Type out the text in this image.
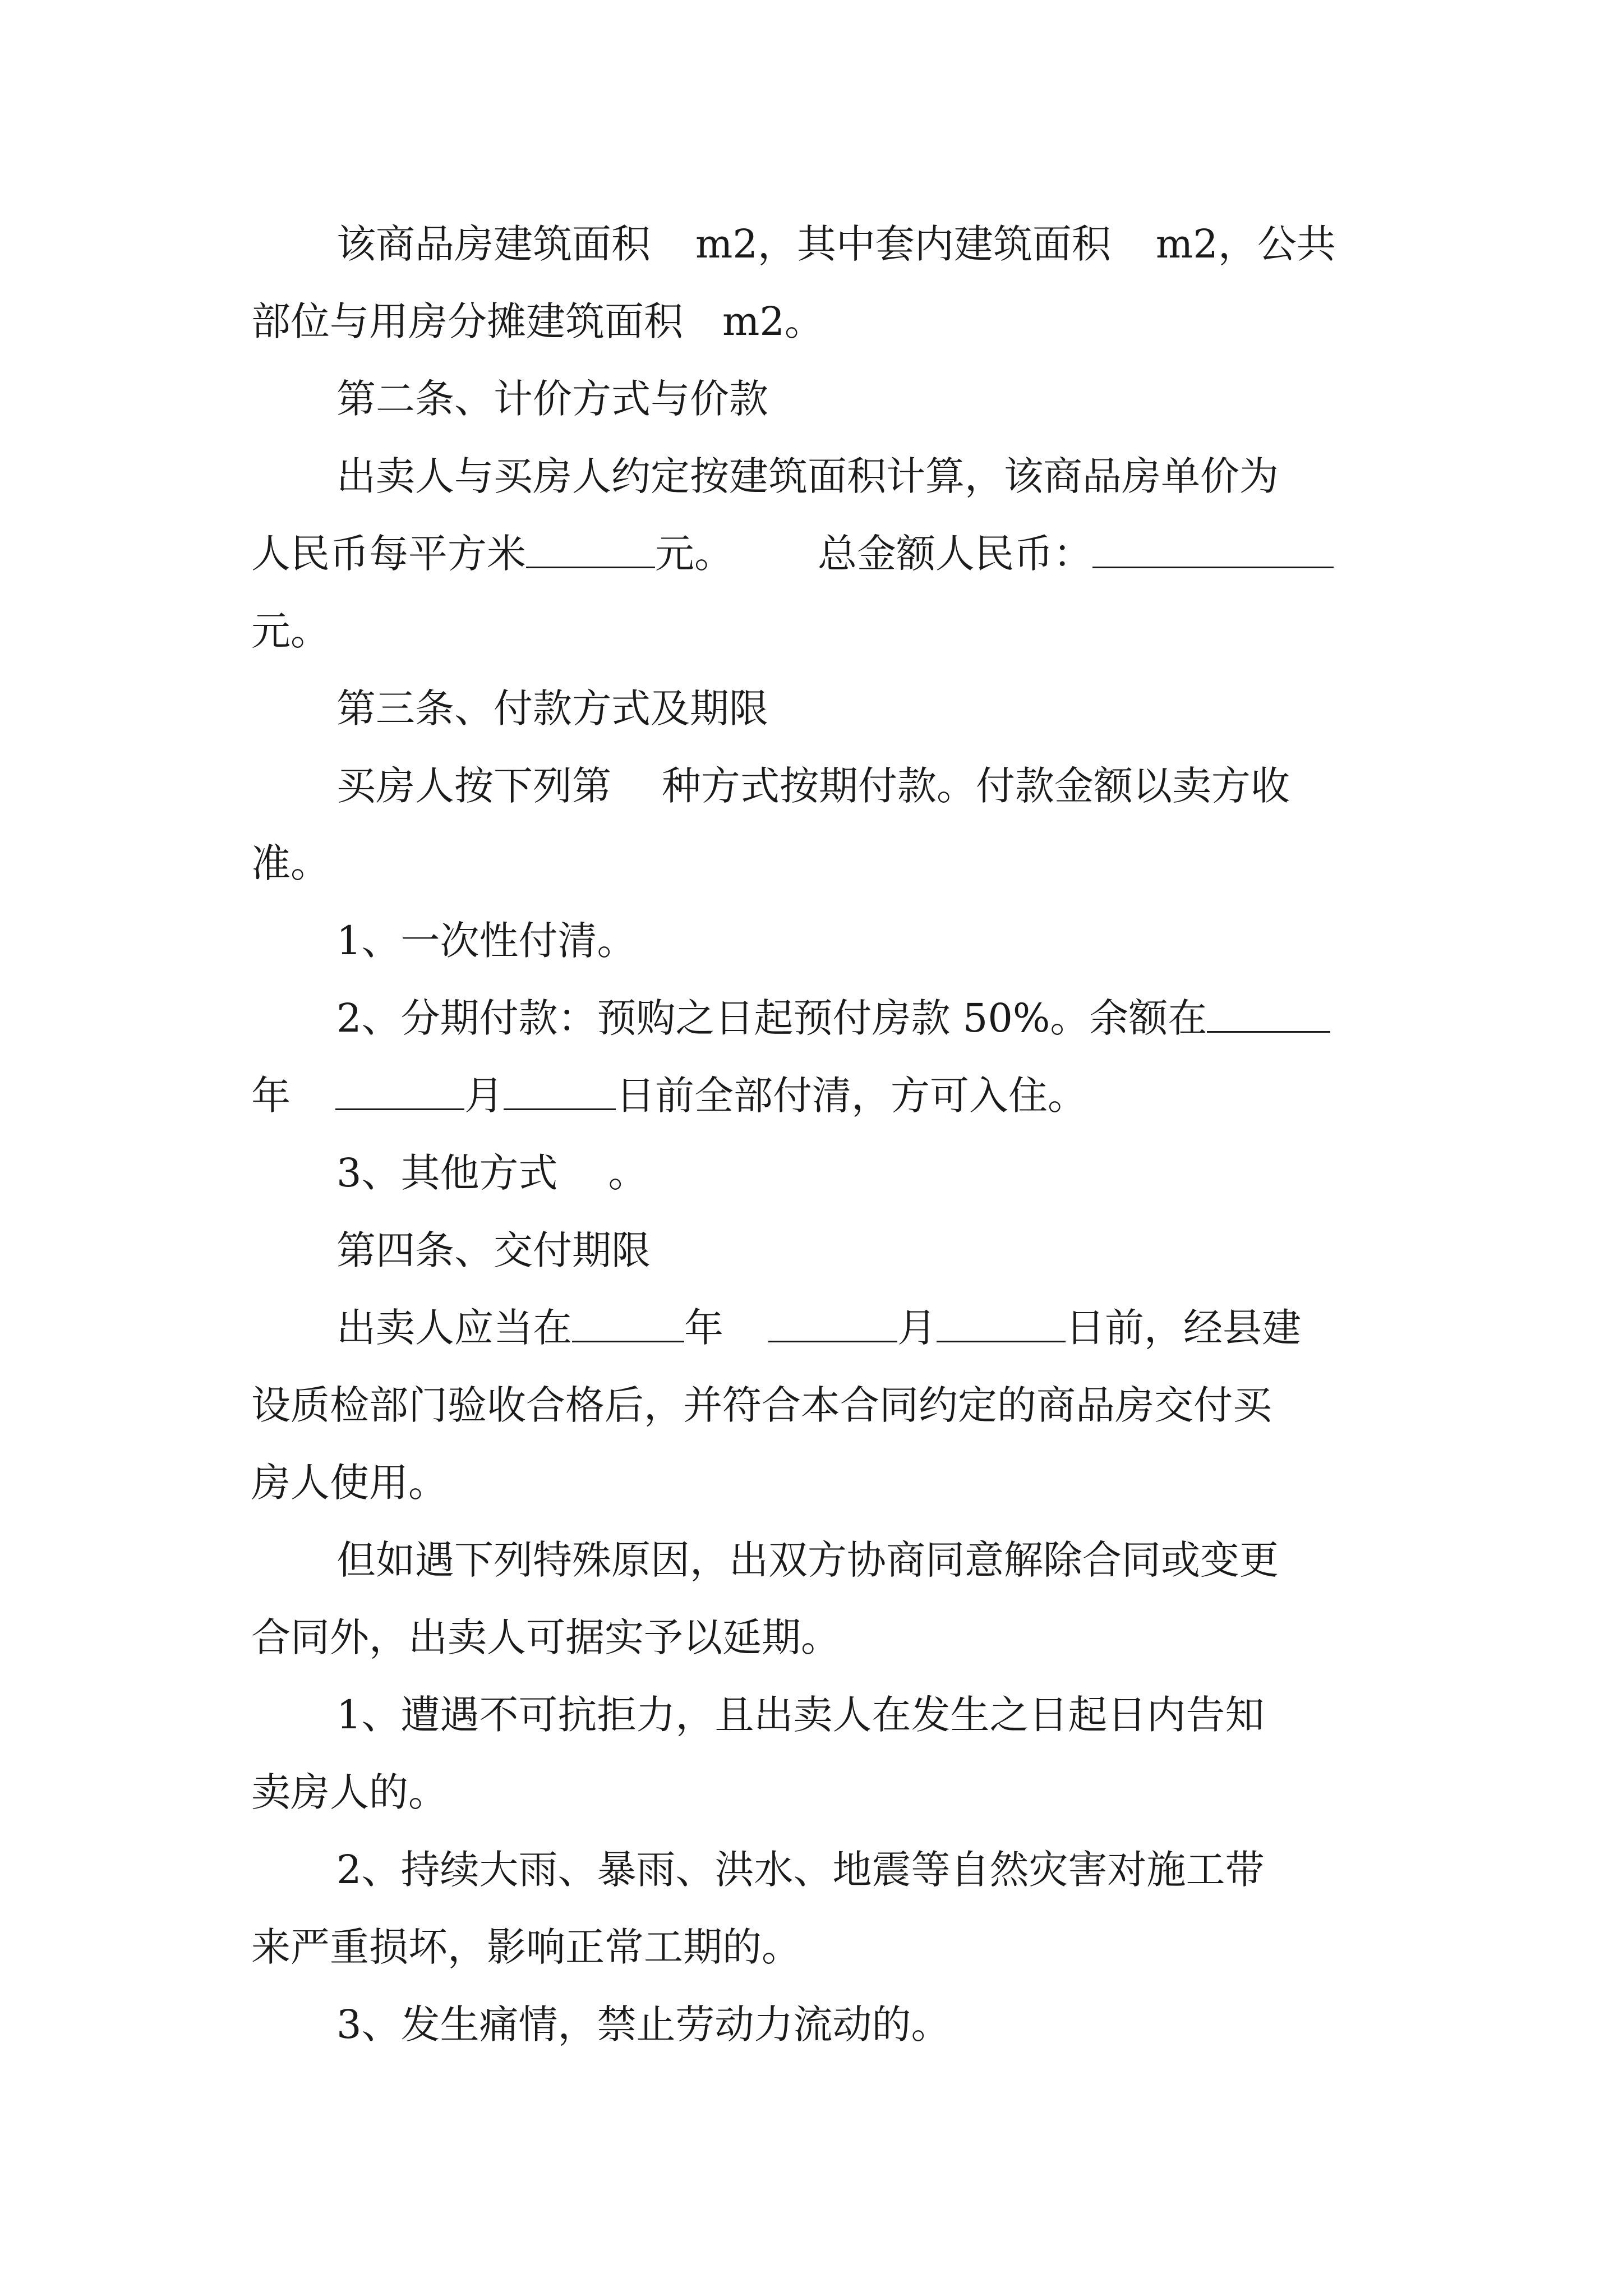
该商品房建筑面积 m2，其中套内建筑面积 m2，公共
部位与用房分摊建筑面积 m2。
第二条、计价方式与价款
出卖人与买房人约定按建筑面积计算，该商品房单价为
人民币每平方米	元。 总金额人民币：
元。
第三条、付款方式及期限
买房人按下列第 种方式按期付款。付款金额以卖方收
准。
1、一次性付清。
2、分期付款：预购之日起预付房款 50%。余额在
年	月	日前全部付清，方可入住。
3、其他方式 。
第四条、交付期限
出卖人应当在	年	月	日前，经县建
设质检部门验收合格后，并符合本合同约定的商品房交付买
房人使用。
但如遇下列特殊原因，出双方协商同意解除合同或变更
合同外，出卖人可据实予以延期。
1、遭遇不可抗拒力，且出卖人在发生之日起日内告知
卖房人的。
2、持续大雨、暴雨、洪水、地震等自然灾害对施工带
来严重损坏，影响正常工期的。
3、发生痛情，禁止劳动力流动的。
